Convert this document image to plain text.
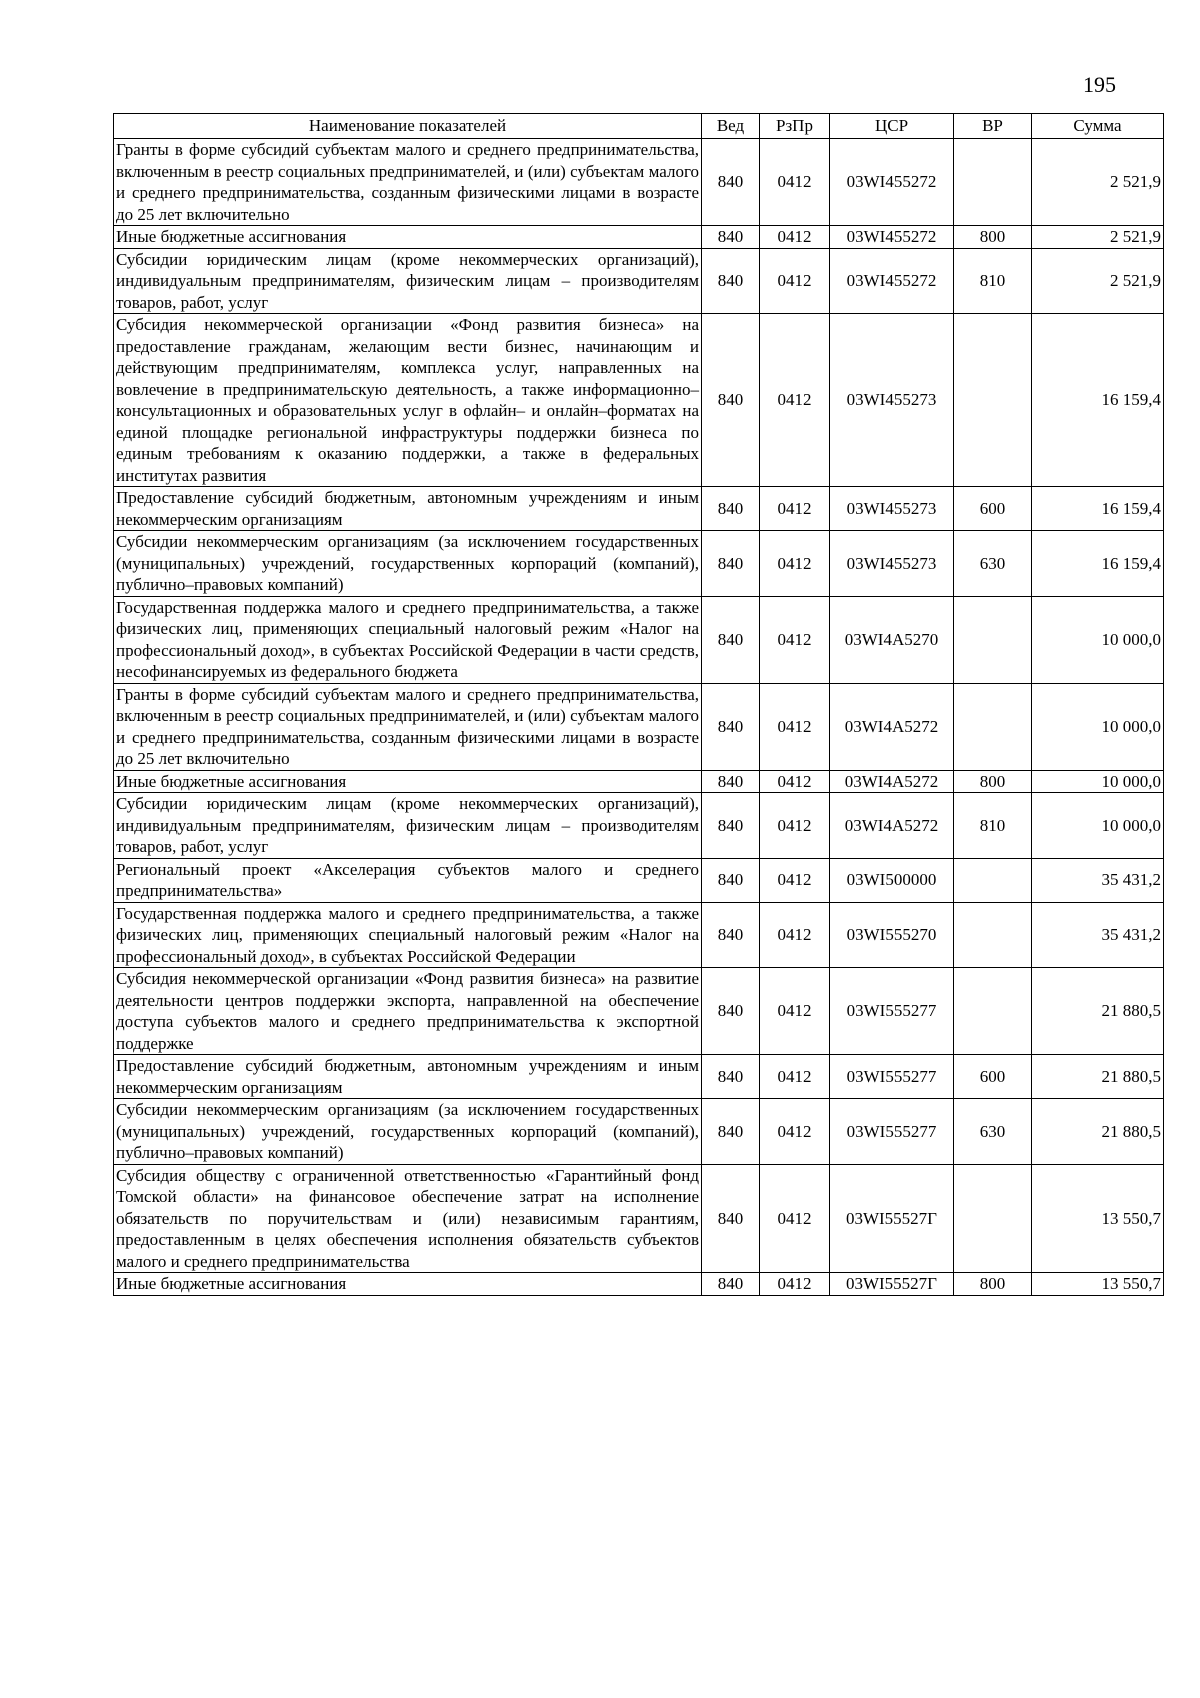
195
Наименование показателей	Вед	РзПр	ЦСР	ВР	Сумма
Гранты в форме субсидий субъектам малого и среднего предпринимательства, включенным в реестр социальных предпринимателей, и (или) субъектам малого и среднего предпринимательства, созданным физическими лицами в возрасте до 25 лет включительно	840	0412	03WI455272		2 521,9
Иные бюджетные ассигнования	840	0412	03WI455272	800	2 521,9
Субсидии юридическим лицам (кроме некоммерческих организаций), индивидуальным предпринимателям, физическим лицам – производителям товаров, работ, услуг	840	0412	03WI455272	810	2 521,9
Субсидия некоммерческой организации «Фонд развития бизнеса» на предоставление гражданам, желающим вести бизнес, начинающим и действующим предпринимателям, комплекса услуг, направленных на вовлечение в предпринимательскую деятельность, а также информационно–консультационных и образовательных услуг в офлайн– и онлайн–форматах на единой площадке региональной инфраструктуры поддержки бизнеса по единым требованиям к оказанию поддержки, а также в федеральных институтах развития	840	0412	03WI455273		16 159,4
Предоставление субсидий бюджетным, автономным учреждениям и иным некоммерческим организациям	840	0412	03WI455273	600	16 159,4
Субсидии некоммерческим организациям (за исключением государственных (муниципальных) учреждений, государственных корпораций (компаний), публично–правовых компаний)	840	0412	03WI455273	630	16 159,4
Государственная поддержка малого и среднего предпринимательства, а также физических лиц, применяющих специальный налоговый режим «Налог на профессиональный доход», в субъектах Российской Федерации в части средств, несофинансируемых из федерального бюджета	840	0412	03WI4A5270		10 000,0
Гранты в форме субсидий субъектам малого и среднего предпринимательства, включенным в реестр социальных предпринимателей, и (или) субъектам малого и среднего предпринимательства, созданным физическими лицами в возрасте до 25 лет включительно	840	0412	03WI4A5272		10 000,0
Иные бюджетные ассигнования	840	0412	03WI4A5272	800	10 000,0
Субсидии юридическим лицам (кроме некоммерческих организаций), индивидуальным предпринимателям, физическим лицам – производителям товаров, работ, услуг	840	0412	03WI4A5272	810	10 000,0
Региональный проект «Акселерация субъектов малого и среднего предпринимательства»	840	0412	03WI500000		35 431,2
Государственная поддержка малого и среднего предпринимательства, а также физических лиц, применяющих специальный налоговый режим «Налог на профессиональный доход», в субъектах Российской Федерации	840	0412	03WI555270		35 431,2
Субсидия некоммерческой организации «Фонд развития бизнеса» на развитие деятельности центров поддержки экспорта, направленной на обеспечение доступа субъектов малого и среднего предпринимательства к экспортной поддержке	840	0412	03WI555277		21 880,5
Предоставление субсидий бюджетным, автономным учреждениям и иным некоммерческим организациям	840	0412	03WI555277	600	21 880,5
Субсидии некоммерческим организациям (за исключением государственных (муниципальных) учреждений, государственных корпораций (компаний), публично–правовых компаний)	840	0412	03WI555277	630	21 880,5
Субсидия обществу с ограниченной ответственностью «Гарантийный фонд Томской области» на финансовое обеспечение затрат на исполнение обязательств по поручительствам и (или) независимым гарантиям, предоставленным в целях обеспечения исполнения обязательств субъектов малого и среднего предпринимательства	840	0412	03WI55527Г		13 550,7
Иные бюджетные ассигнования	840	0412	03WI55527Г	800	13 550,7
